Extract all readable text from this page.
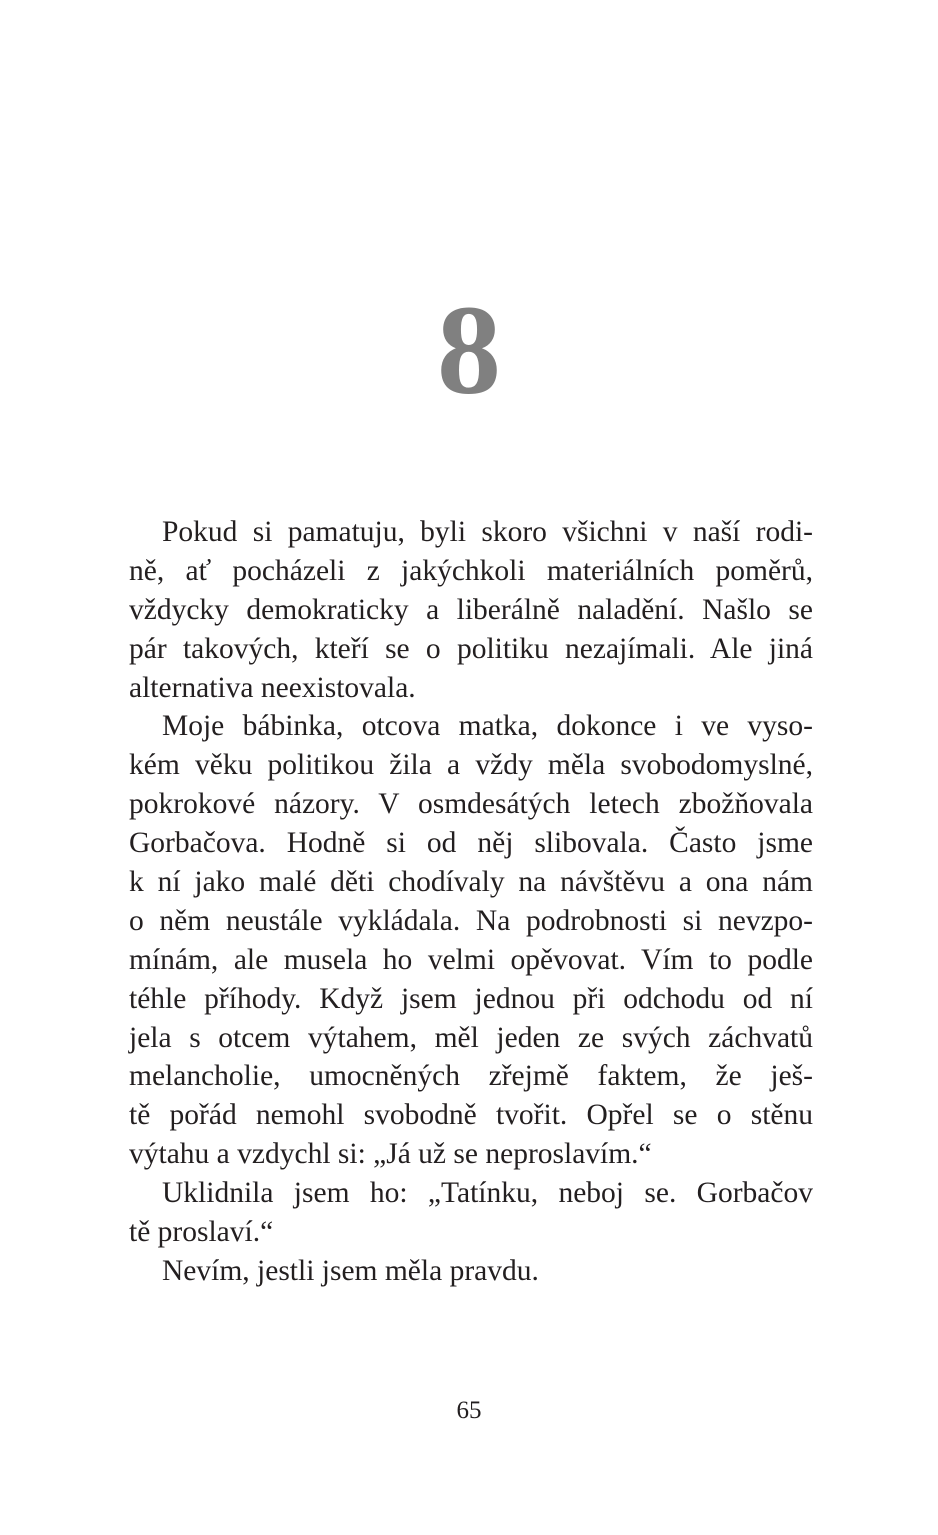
8

Pokud si pamatuju, byli skoro všichni v naší rodi-
ně, ať pocházeli z jakýchkoli materiálních poměrů,
vždycky demokraticky a liberálně naladění. Našlo se
pár takových, kteří se o politiku nezajímali. Ale jiná
alternativa neexistovala.

Moje bábinka, otcova matka, dokonce i ve vyso-
kém věku politikou žila a vždy měla svobodomyslné,
pokrokové názory. V osmdesátých letech zbožňovala
Gorbačova. Hodně si od něj slibovala. Často jsme
k ní jako malé děti chodívaly na návštěvu a ona nám
o něm neustále vykládala. Na podrobnosti si nevzpo-
mínám, ale musela ho velmi opěvovat. Vím to podle
téhle příhody. Když jsem jednou při odchodu od ní
jela s otcem výtahem, měl jeden ze svých záchvatů
melancholie, umocněných zřejmě faktem, že ješ-
tě pořád nemohl svobodně tvořit. Opřel se o stěnu
výtahu a vzdychl si: „Já už se neproslavím.“

Uklidnila jsem ho: „Tatínku, neboj se. Gorbačov
tě proslaví.“

Nevím, jestli jsem měla pravdu.

65
